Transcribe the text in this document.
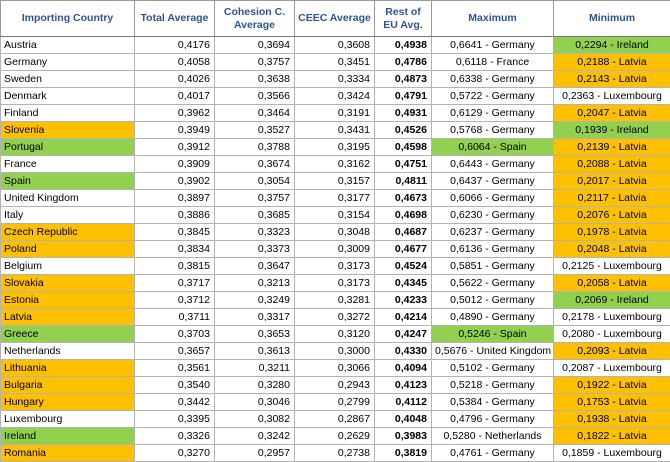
Importing Country	Total Average	Cohesion C. Average	CEEC Average	Rest of EU Avg.	Maximum	Minimum
Austria	0,4176	0,3694	0,3608	0,4938	0,6641 - Germany	0,2294 - Ireland
Germany	0,4058	0,3757	0,3451	0,4786	0,6118 - France	0,2188 - Latvia
Sweden	0,4026	0,3638	0,3334	0,4873	0,6338 - Germany	0,2143 - Latvia
Denmark	0,4017	0,3566	0,3424	0,4791	0,5722 - Germany	0,2363 - Luxembourg
Finland	0,3962	0,3464	0,3191	0,4931	0,6129 - Germany	0,2047 - Latvia
Slovenia	0,3949	0,3527	0,3431	0,4526	0,5768 - Germany	0,1939 - Ireland
Portugal	0,3912	0,3788	0,3195	0,4598	0,6064 - Spain	0,2139 - Latvia
France	0,3909	0,3674	0,3162	0,4751	0,6443 - Germany	0,2088 - Latvia
Spain	0,3902	0,3054	0,3157	0,4811	0,6437 - Germany	0,2017 - Latvia
United Kingdom	0,3897	0,3757	0,3177	0,4673	0,6066 - Germany	0,2117 - Latvia
Italy	0,3886	0,3685	0,3154	0,4698	0,6230 - Germany	0,2076 - Latvia
Czech Republic	0,3845	0,3323	0,3048	0,4687	0,6237 - Germany	0,1978 - Latvia
Poland	0,3834	0,3373	0,3009	0,4677	0,6136 - Germany	0,2048 - Latvia
Belgium	0,3815	0,3647	0,3173	0,4524	0,5851 - Germany	0,2125 - Luxembourg
Slovakia	0,3717	0,3213	0,3173	0,4345	0,5622 - Germany	0,2058 - Latvia
Estonia	0,3712	0,3249	0,3281	0,4233	0,5012 - Germany	0,2069 - Ireland
Latvia	0,3711	0,3317	0,3272	0,4214	0,4890 - Germany	0,2178 - Luxembourg
Greece	0,3703	0,3653	0,3120	0,4247	0,5246 - Spain	0,2080 - Luxembourg
Netherlands	0,3657	0,3613	0,3000	0,4330	0,5676 - United Kingdom	0,2093 - Latvia
Lithuania	0,3561	0,3211	0,3066	0,4094	0,5102 - Germany	0,2087 - Luxembourg
Bulgaria	0,3540	0,3280	0,2943	0,4123	0,5218 - Germany	0,1922 - Latvia
Hungary	0,3442	0,3046	0,2799	0,4112	0,5384 - Germany	0,1753 - Latvia
Luxembourg	0,3395	0,3082	0,2867	0,4048	0,4796 - Germany	0,1938 - Latvia
Ireland	0,3326	0,3242	0,2629	0,3983	0,5280 - Netherlands	0,1822 - Latvia
Romania	0,3270	0,2957	0,2738	0,3819	0,4761 - Germany	0,1859 - Luxembourg
